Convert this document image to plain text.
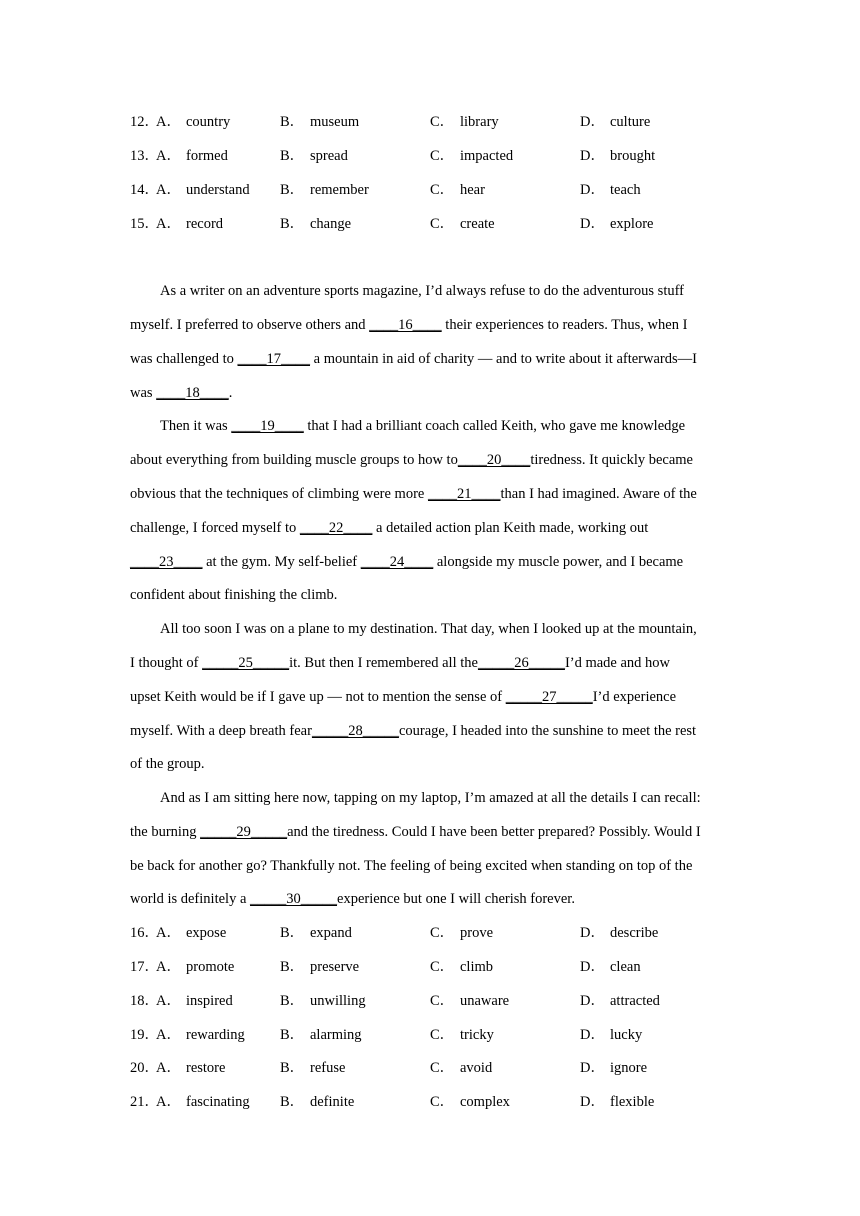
12．
A． country	B． museum	C． library	D． culture
13．
A． formed	B． spread	C． impacted	D． brought
14．
A． understand B． remember	C． hear	D． teach
15．
A． record	B． change	C． create	D． explore
As a writer on an adventure sports magazine, I’d always refuse to do the adventurous stuff
myself. I preferred to observe others and ____16____ their experiences to readers. Thus, when I
was challenged to ____17____ a mountain in aid of charity — and to write about it afterwards—I
was ____18____.
Then it was ____19____ that I had a brilliant coach called Keith, who gave me knowledge
about everything from building muscle groups to how to____20____tiredness. It quickly became
obvious that the techniques of climbing were more ____21____than I had imagined. Aware of the
challenge, I forced myself to ____22____ a detailed action plan Keith made, working out
____23____ at the gym. My self-belief ____24____ alongside my muscle power, and I became
confident about finishing the climb.
All too soon I was on a plane to my destination. That day, when I looked up at the mountain,
I thought of _____25_____it. But then I remembered all the_____26_____I’d made and how
upset Keith would be if I gave up — not to mention the sense of _____27_____I’d experience
myself. With a deep breath fear_____28_____courage, I headed into the sunshine to meet the rest
of the group.
And as I am sitting here now, tapping on my laptop, I’m amazed at all the details I can recall:
the burning _____29_____and the tiredness. Could I have been better prepared? Possibly. Would I
be back for another go? Thankfully not. The feeling of being excited when standing on top of the
world is definitely a _____30_____experience but one I will cherish forever.
16．
A． expose	B． expand	C． prove	D． describe
17．
A． promote	B． preserve	C． climb	D． clean
18．
A． inspired	B． unwilling	C． unaware	D． attracted
19．
A． rewarding B． alarming	C． tricky	D． lucky
20．
A． restore	B． refuse	C． avoid	D． ignore
21．
A． fascinating B． definite	C． complex	D． flexible
